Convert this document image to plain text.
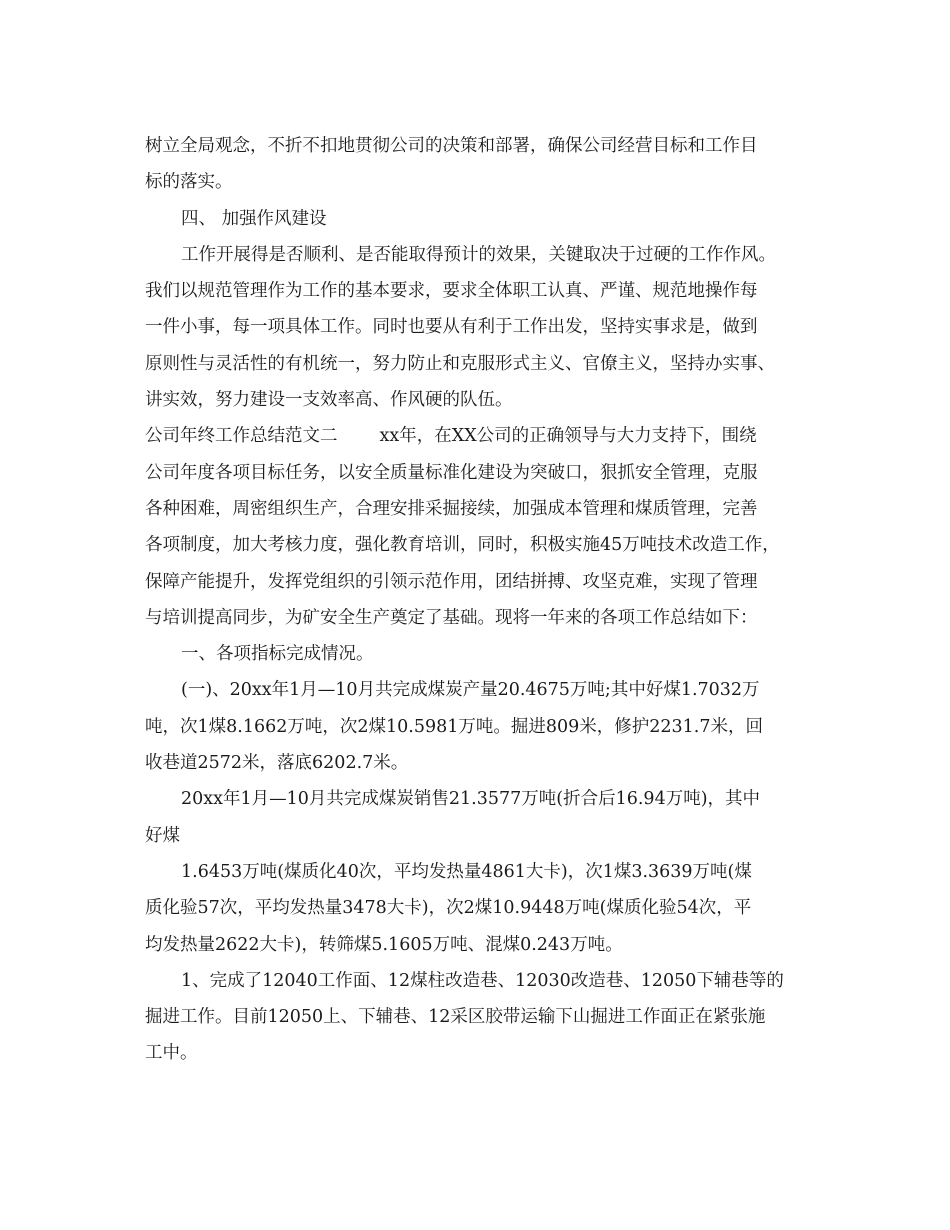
树立全局观念，不折不扣地贯彻公司的决策和部署，确保公司经营目标和工作目
标的落实。
四、 加强作风建设
工作开展得是否顺利、是否能取得预计的效果，关键取决于过硬的工作作风。
我们以规范管理作为工作的基本要求，要求全体职工认真、严谨、规范地操作每
一件小事，每一项具体工作。同时也要从有利于工作出发，坚持实事求是，做到
原则性与灵活性的有机统一，努力防止和克服形式主义、官僚主义，坚持办实事、
讲实效，努力建设一支效率高、作风硬的队伍。
公司年终工作总结范文二 xx年，在XX公司的正确领导与大力支持下，围绕
公司年度各项目标任务，以安全质量标准化建设为突破口，狠抓安全管理，克服
各种困难，周密组织生产，合理安排采掘接续，加强成本管理和煤质管理，完善
各项制度，加大考核力度，强化教育培训，同时，积极实施45万吨技术改造工作，
保障产能提升，发挥党组织的引领示范作用，团结拼搏、攻坚克难，实现了管理
与培训提高同步，为矿安全生产奠定了基础。现将一年来的各项工作总结如下：
一、各项指标完成情况。
(一)、20xx年1月—10月共完成煤炭产量20.4675万吨;其中好煤1.7032万
吨，次1煤8.1662万吨，次2煤10.5981万吨。掘进809米，修护2231.7米，回
收巷道2572米，落底6202.7米。
20xx年1月—10月共完成煤炭销售21.3577万吨(折合后16.94万吨)，其中
好煤
1.6453万吨(煤质化40次，平均发热量4861大卡)，次1煤3.3639万吨(煤
质化验57次，平均发热量3478大卡)，次2煤10.9448万吨(煤质化验54次，平
均发热量2622大卡)，转筛煤5.1605万吨、混煤0.243万吨。
1、完成了12040工作面、12煤柱改造巷、12030改造巷、12050下辅巷等的
掘进工作。目前12050上、下辅巷、12采区胶带运输下山掘进工作面正在紧张施
工中。
